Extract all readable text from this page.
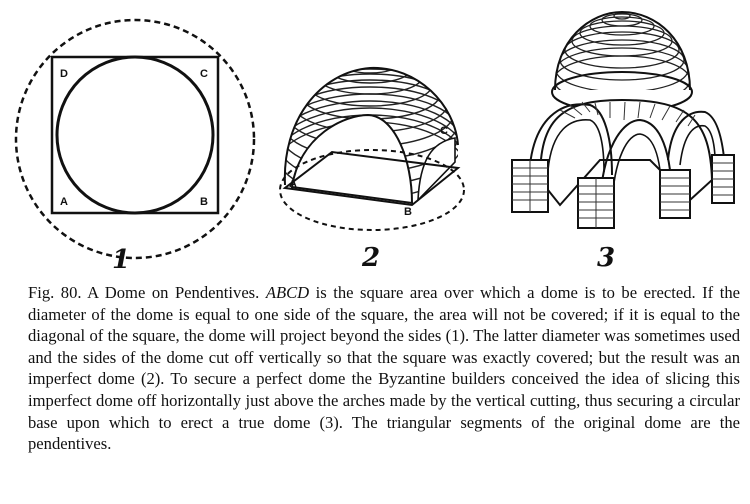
D	C
A	B
A
B
C
1	2	3
Fig. 80. A Dome on Pendentives. ABCD is the square area over which a dome is to be erected. If the diameter of the dome is equal to one side of the square, the area will not be covered; if it is equal to the diagonal of the square, the dome will project beyond the sides (1). The latter diameter was sometimes used and the sides of the dome cut off vertically so that the square was exactly covered; but the result was an imperfect dome (2). To secure a perfect dome the Byzantine builders conceived the idea of slicing this imperfect dome off horizontally just above the arches made by the vertical cutting, thus securing a circular base upon which to erect a true dome (3). The triangular segments of the original dome are the pendentives.
